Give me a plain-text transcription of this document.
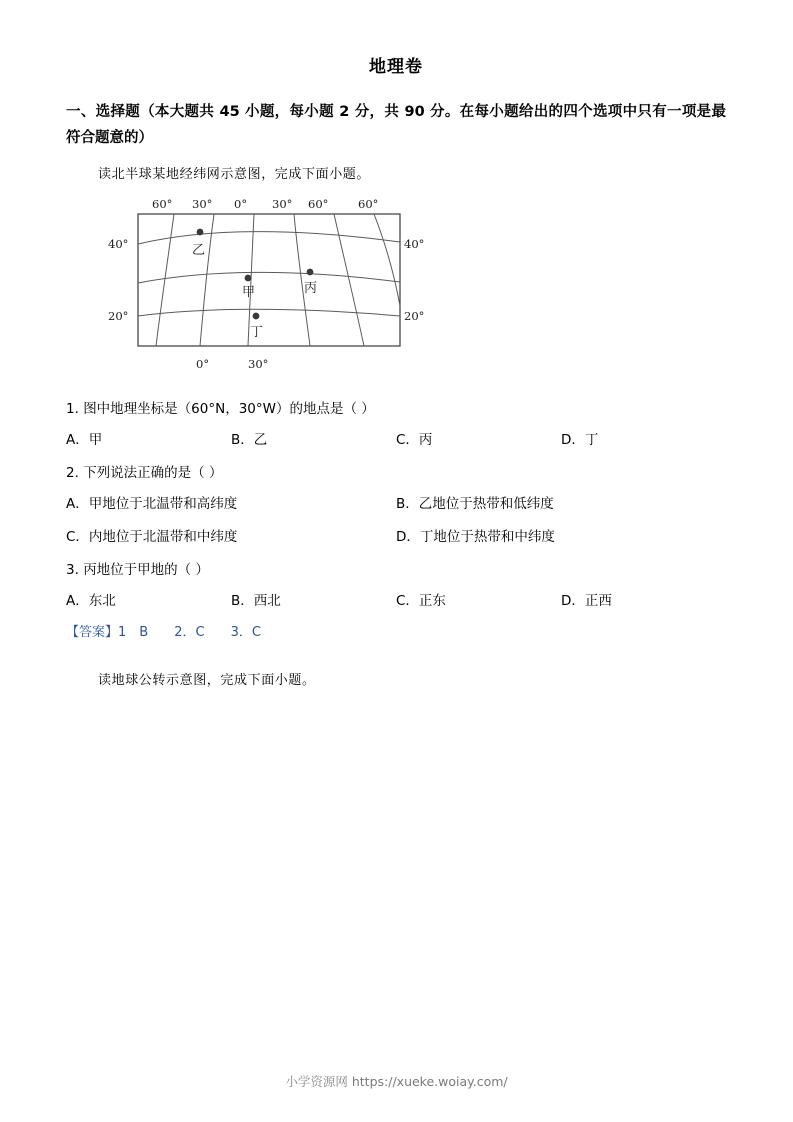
地理卷
一、选择题（本大题共 45 小题，每小题 2 分，共 90 分。在每小题给出的四个选项中只有一项是最符合题意的）
读北半球某地经纬网示意图，完成下面小题。
乙
甲	丙
丁
60° 30° 0° 30° 60°	60°
40°
20°
40°
20°
0°	30°
1. 图中地理坐标是（60°N，30°W）的地点是（ ）
A．甲	B．乙	C．丙	D．丁
2. 下列说法正确的是（ ）
A．甲地位于北温带和高纬度	B．乙地位于热带和低纬度
C．内地位于北温带和中纬度	D．丁地位于热带和中纬度
3. 丙地位于甲地的（ ）
A．东北	B．西北	C．正东	D．正西
【答案】1　B 2．C 3．C
读地球公转示意图，完成下面小题。
小学资源网 https://xueke.woiay.com/
